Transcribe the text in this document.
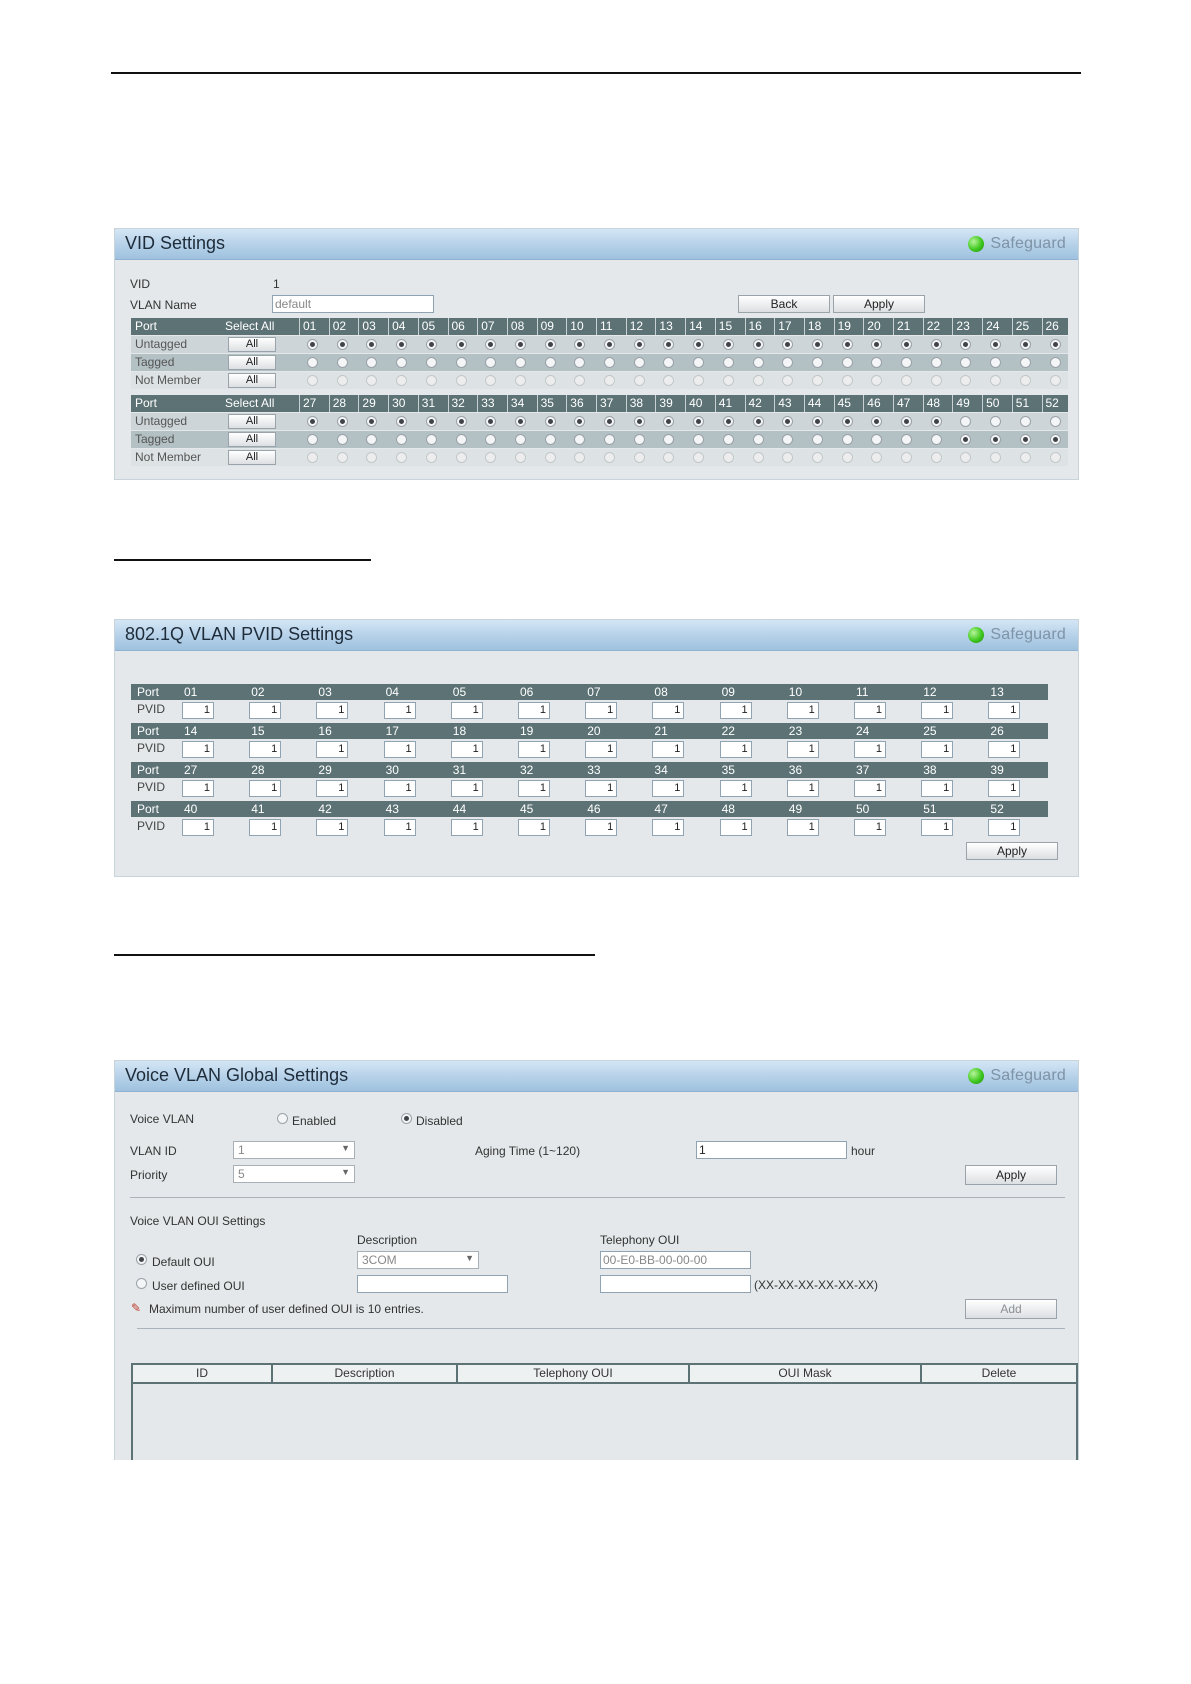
VID Settings	Safeguard
VID	1
VLAN Name	default	Back	Apply
Port	Select All 01 02 03 04 05 06 07 08 09 10 11 12 13 14 15 16 17 18 19 20 21 22 23 24 25 26
Untagged	All
Tagged	All
Not Member	All
Port	Select All 27 28 29 30 31 32 33 34 35 36 37 38 39 40 41 42 43 44 45 46 47 48 49 50 51 52
Untagged	All
Tagged	All
Not Member	All
802.1Q VLAN PVID Settings	Safeguard
Port 01	02	03	04	05	06	07	08	09	10	11	12	13
PVID	1	1	1	1	1	1	1	1	1	1	1	1	1
Port 14	15	16	17	18	19	20	21	22	23	24	25	26
PVID	1	1	1	1	1	1	1	1	1	1	1	1	1
Port 27	28	29	30	31	32	33	34	35	36	37	38	39
PVID	1	1	1	1	1	1	1	1	1	1	1	1	1
Port 40	41	42	43	44	45	46	47	48	49	50	51	52
PVID	1	1	1	1	1	1	1	1	1	1	1	1	1
Apply
Voice VLAN Global Settings	Safeguard
Voice VLAN	Enabled	Disabled
VLAN ID	1	▼	Aging Time (1~120)	1	hour
Priority	5	▼	Apply
Voice VLAN OUI Settings
Description	Telephony OUI
Default OUI	3COM	▼	00-E0-BB-00-00-00
User defined OUI	(XX-XX-XX-XX-XX-XX)
✎ Maximum number of user defined OUI is 10 entries.	Add
ID	Description	Telephony OUI	OUI Mask	Delete
